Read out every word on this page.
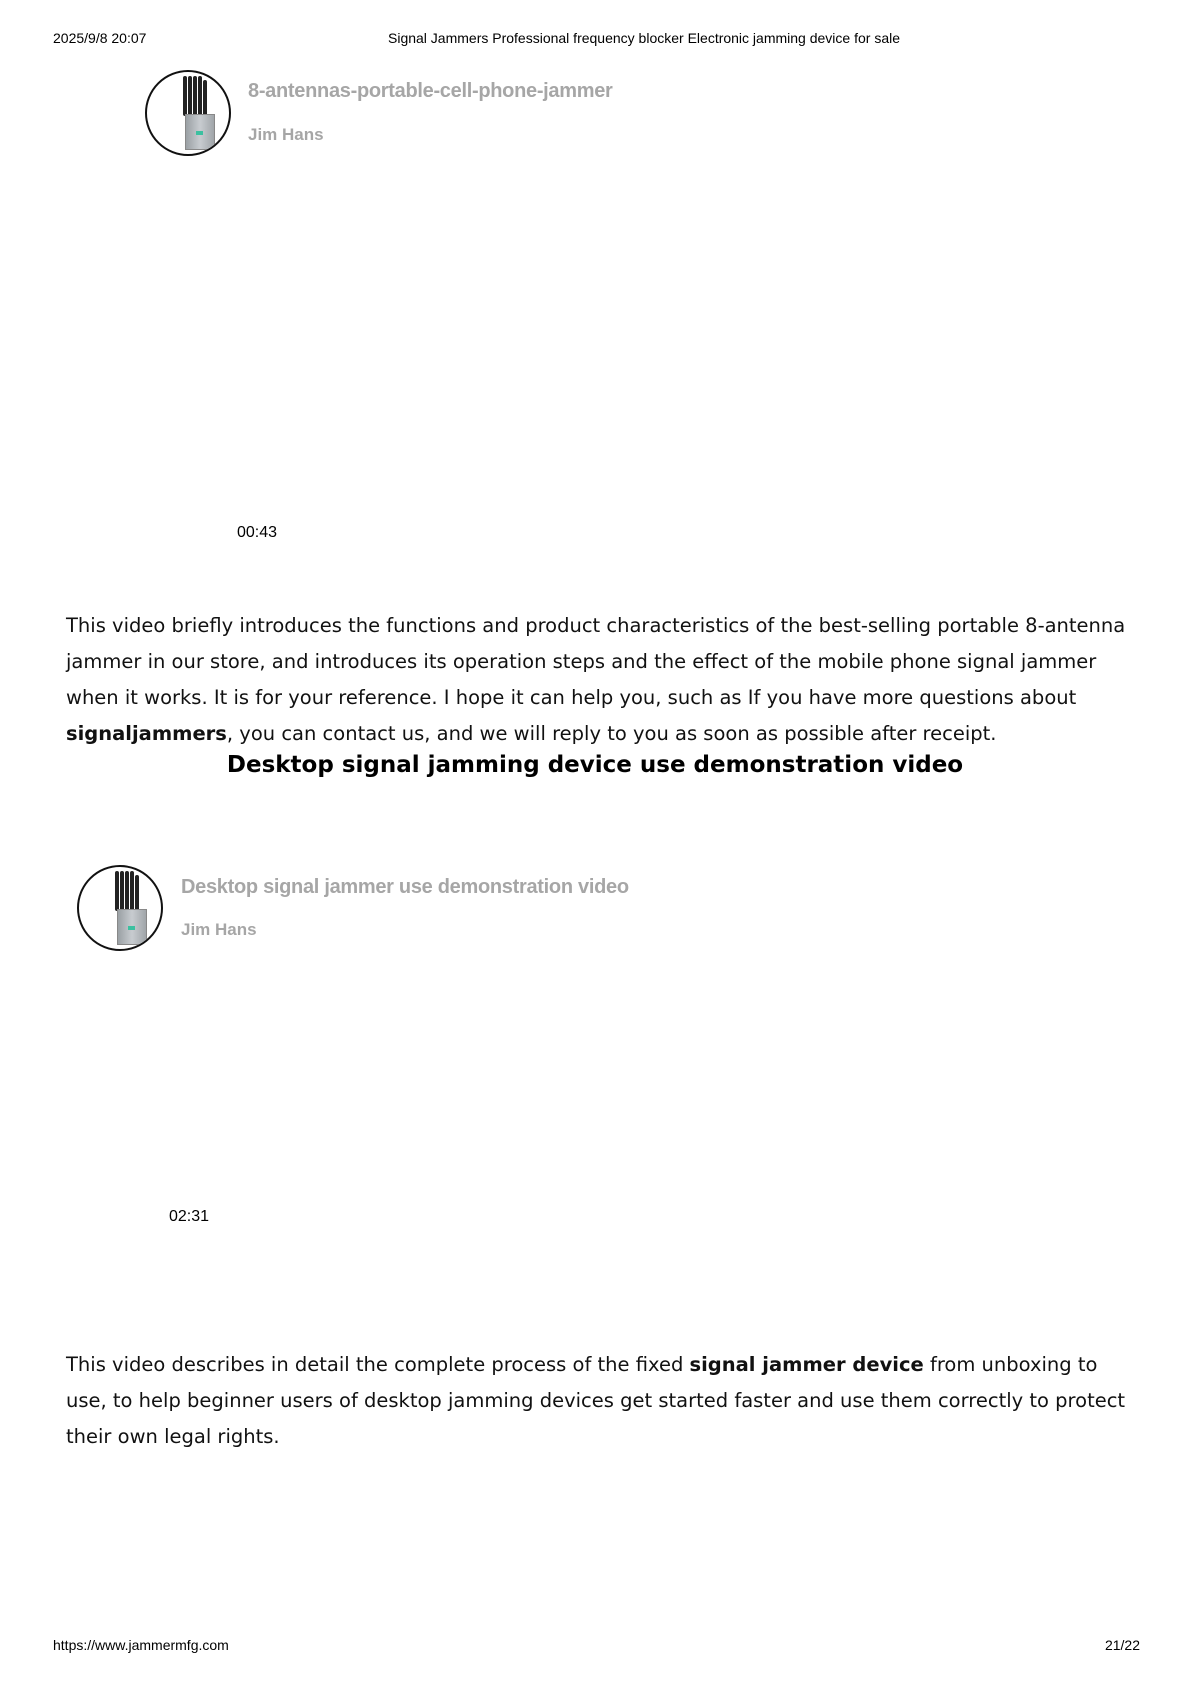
2025/9/8 20:07	Signal Jammers Professional frequency blocker Electronic jamming device for sale
8-antennas-portable-cell-phone-jammer
Jim Hans
00:43
This video briefly introduces the functions and product characteristics of the best-selling portable 8-antenna jammer in our store, and introduces its operation steps and the effect of the mobile phone signal jammer when it works. It is for your reference. I hope it can help you, such as If you have more questions about signaljammers, you can contact us, and we will reply to you as soon as possible after receipt.
Desktop signal jamming device use demonstration video
Desktop signal jammer use demonstration video
Jim Hans
02:31
This video describes in detail the complete process of the fixed signal jammer device from unboxing to use, to help beginner users of desktop jamming devices get started faster and use them correctly to protect their own legal rights.
https://www.jammermfg.com	21/22
